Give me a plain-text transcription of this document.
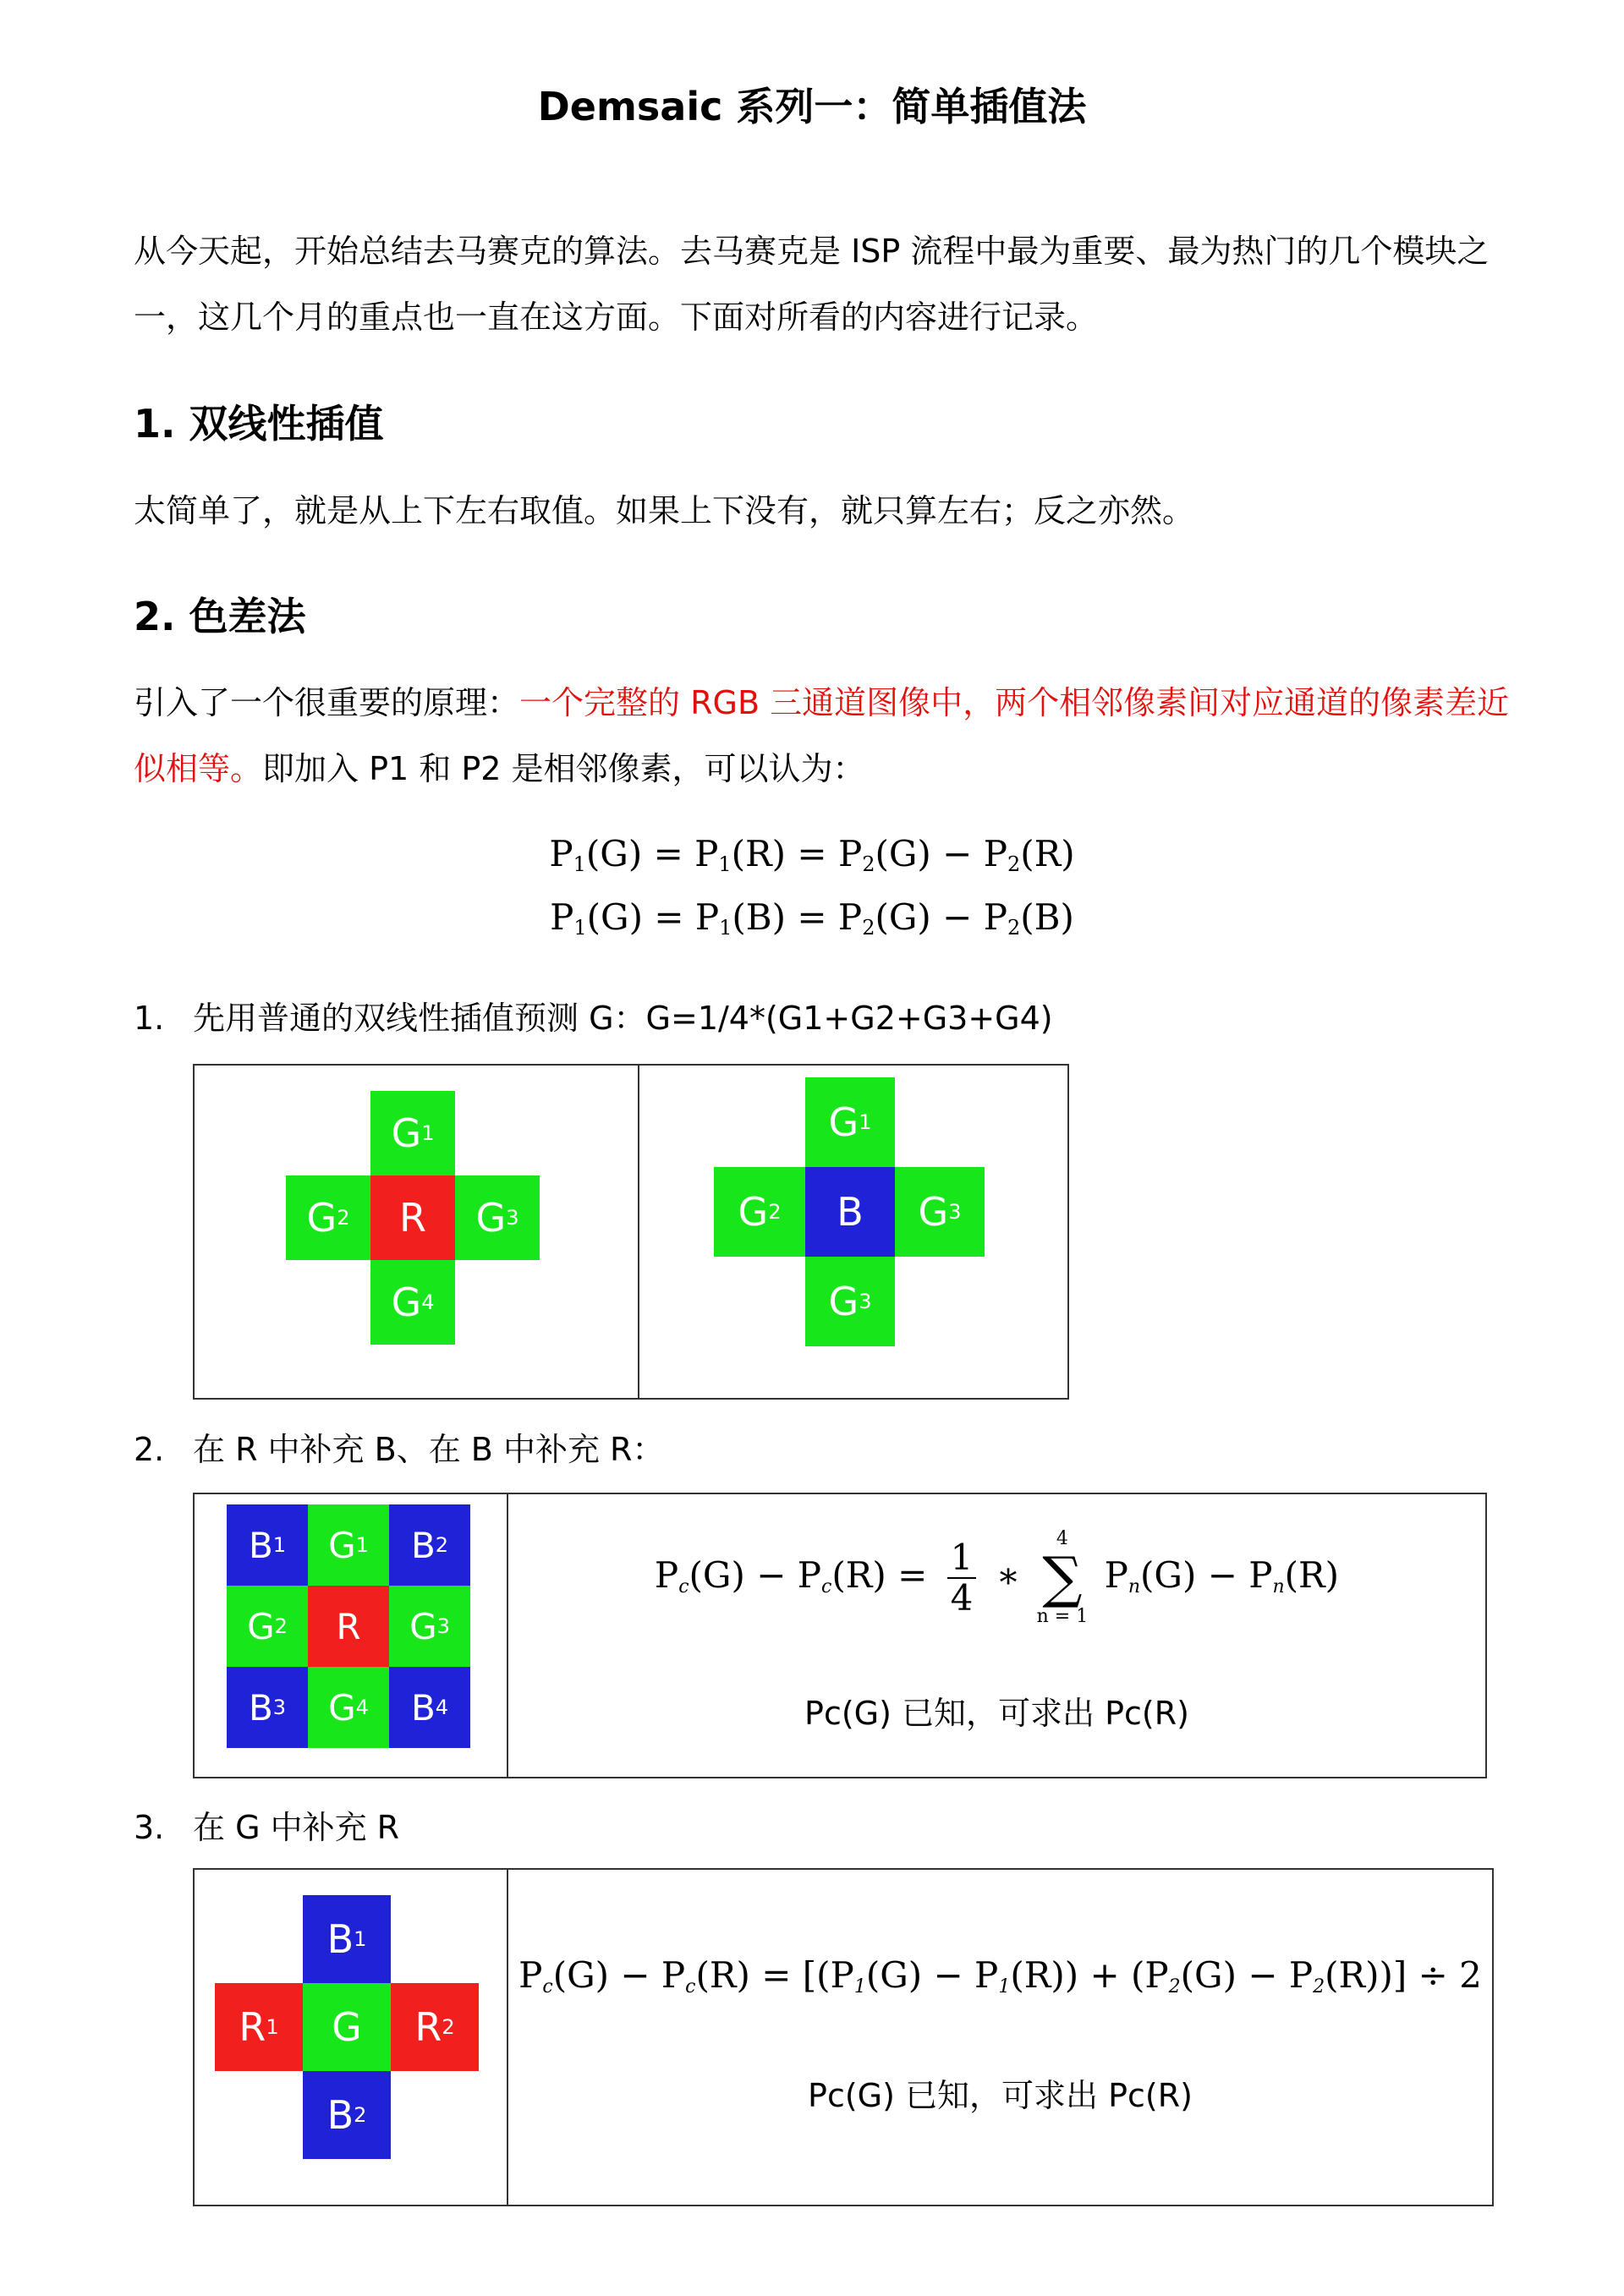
Demsaic 系列一：简单插值法
从今天起，开始总结去马赛克的算法。去马赛克是 ISP 流程中最为重要、最为热门的几个模块之一，这几个月的重点也一直在这方面。下面对所看的内容进行记录。
1. 双线性插值
太简单了，就是从上下左右取值。如果上下没有，就只算左右；反之亦然。
2. 色差法
引入了一个很重要的原理：一个完整的 RGB 三通道图像中，两个相邻像素间对应通道的像素差近似相等。即加入 P1 和 P2 是相邻像素，可以认为：
$P_1(G) = P_1(R) = P_2(G) - P_2(R)$
$P_1(G) = P_1(B) = P_2(G) - P_2(B)$
1. 先用普通的双线性插值预测 G：G=1/4*(G1+G2+G3+G4)
G 1
G 2	R	G 3
G 4
G 1
G 2	B	G 3
G 3
2. 在 R 中补充 B、在 B 中补充 R：
B 1 G 1 B 2
G 2 R G 3
B 3 G 4 B 4
$P_c(G) - P_c(R) = \frac{1}{4}$ ∗
4
∑
n = 1
$P_n(G) - P_n(R)$
Pc(G) 已知，可求出 Pc(R)
3. 在 G 中补充 R
B 1
R 1	G	R 2
B 2
$P_c(G) - P_c(R) = [(P_1(G) - P_1(R)) + (P_2(G) - P_2(R))] \div 2$
Pc(G) 已知，可求出 Pc(R)
